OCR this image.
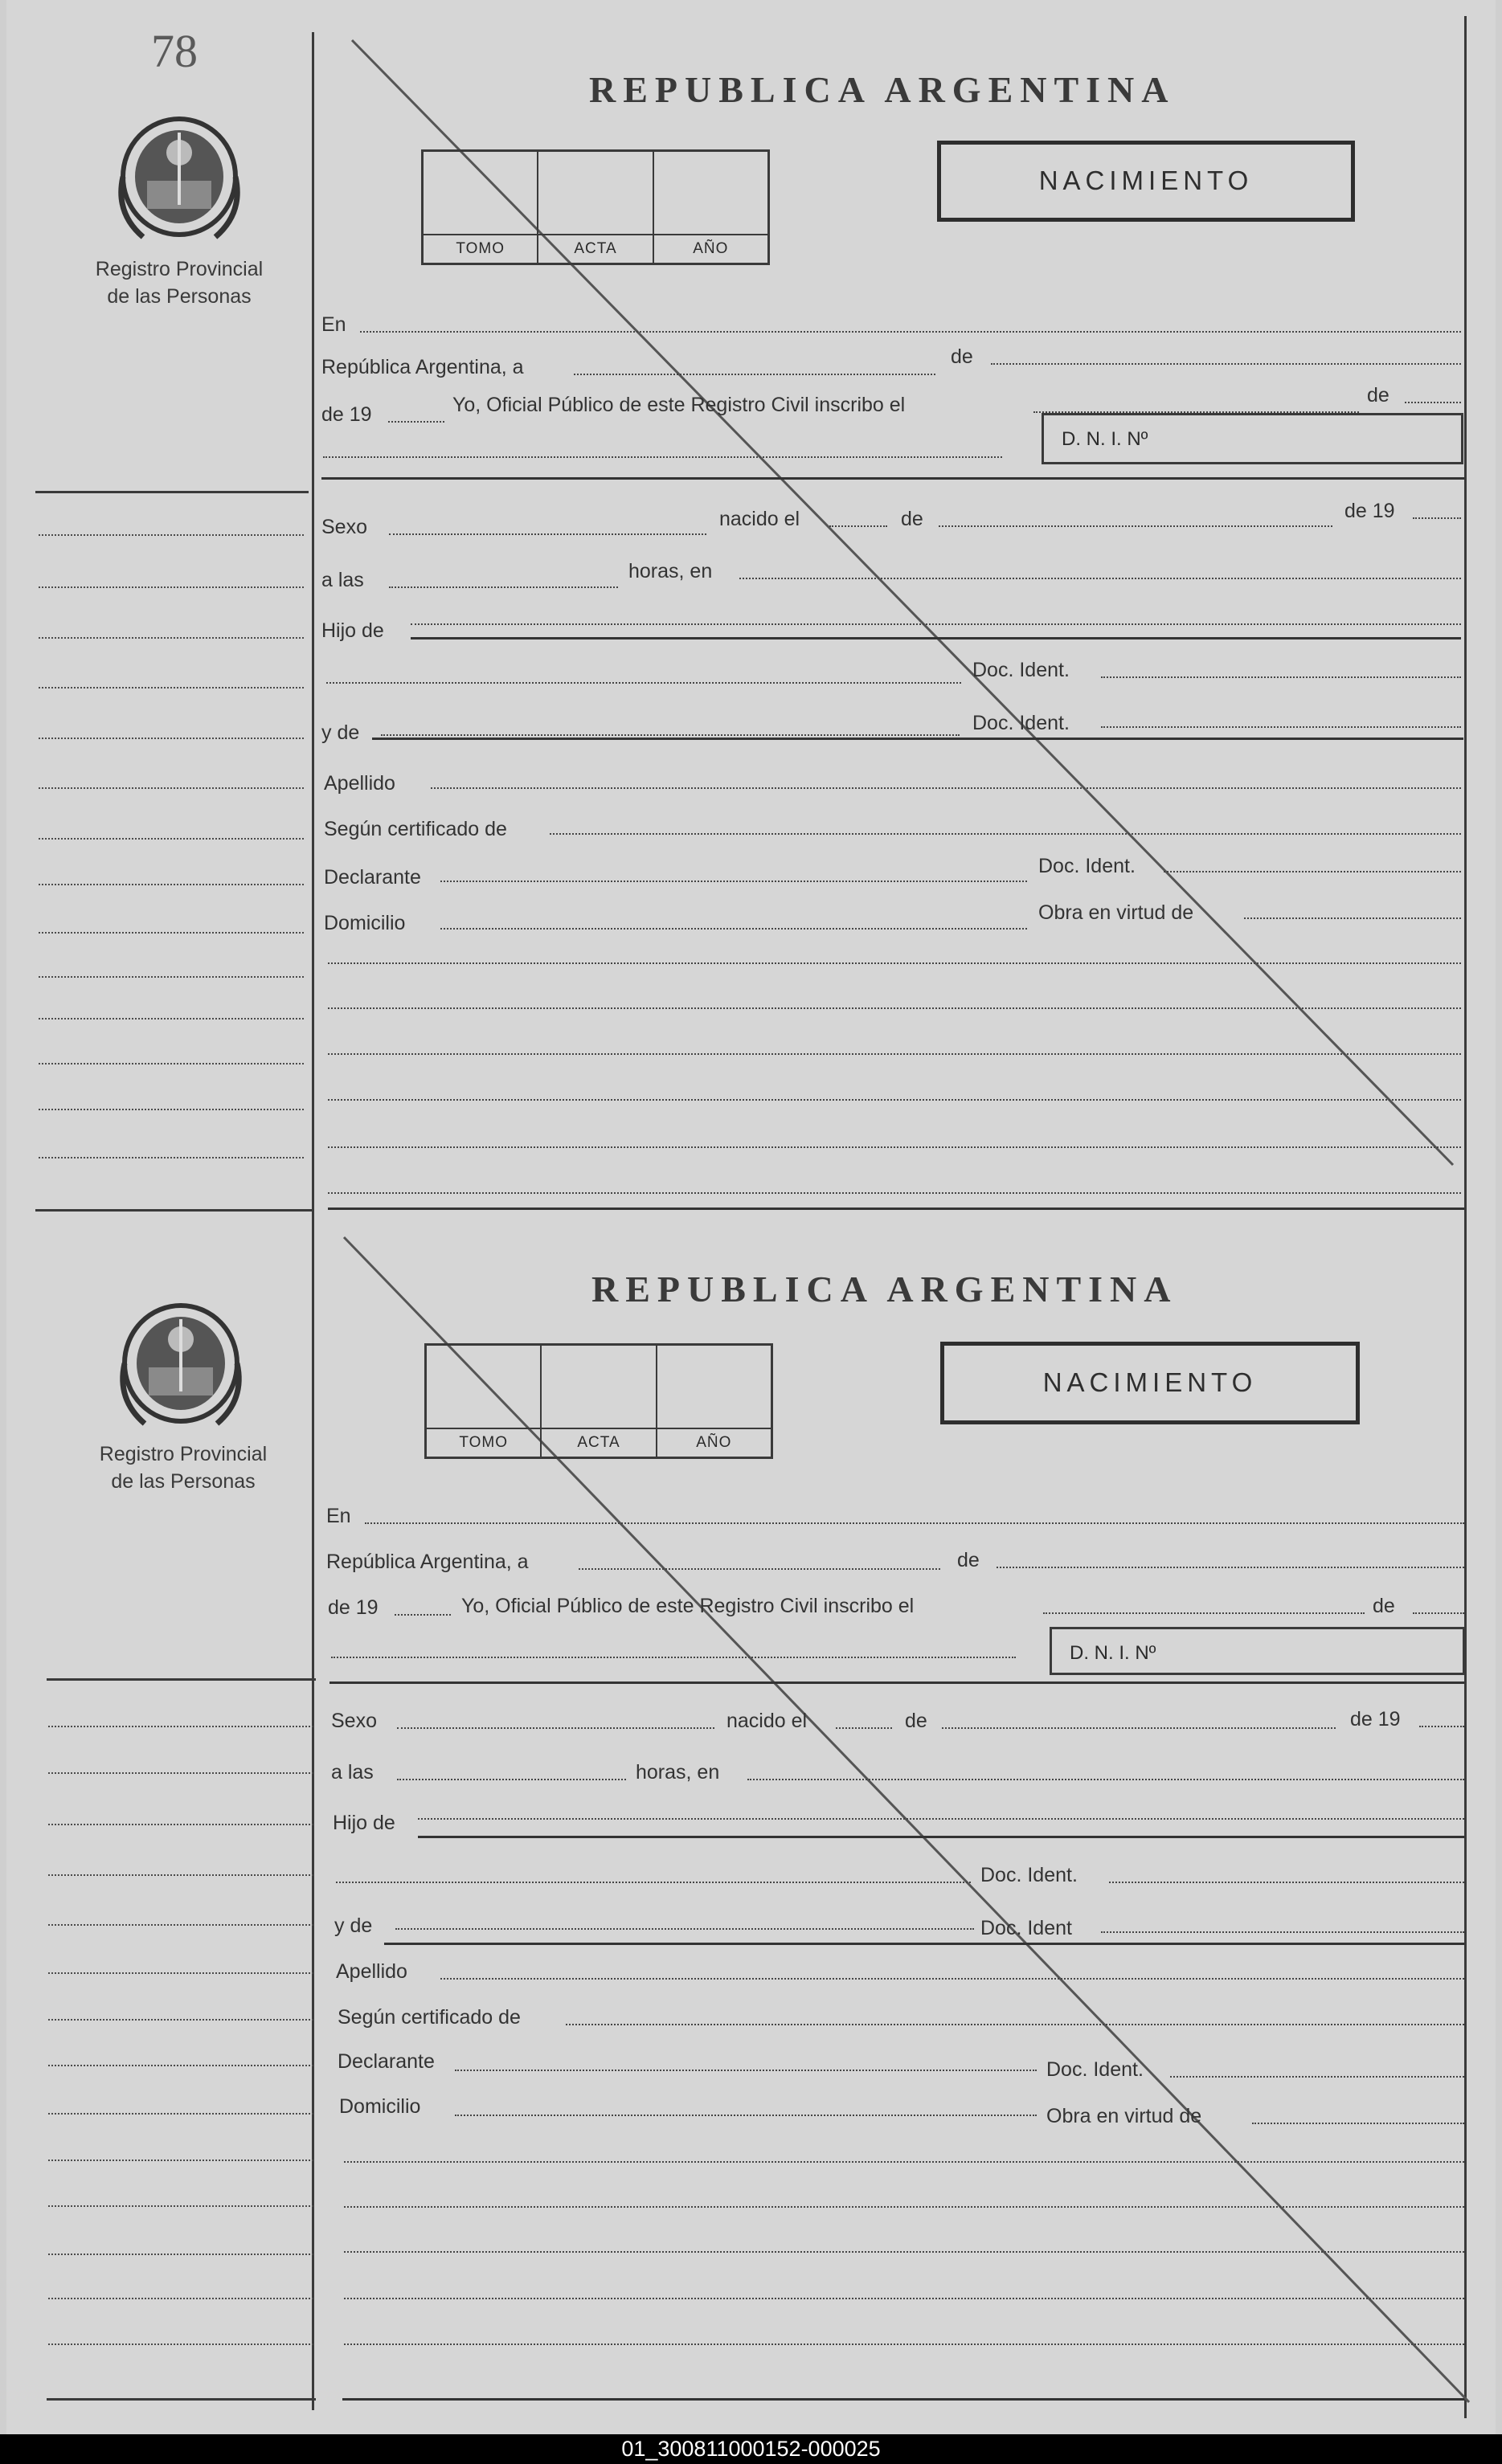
78
Registro Provincial
de las Personas
REPUBLICA ARGENTINA
TOMO	ACTA	AÑO
NACIMIENTO
En
República Argentina, a	de
de 19	Yo, Oficial Público de este Registro Civil inscribo el	de
D. N. I. Nº
Sexo	nacido el	de	de 19
a las	horas, en
Hijo de
Doc. Ident.
y de	Doc. Ident.
Apellido
Según certificado de
Declarante	Doc. Ident.
Domicilio	Obra en virtud de
Registro Provincial
de las Personas
REPUBLICA ARGENTINA
TOMO	ACTA	AÑO
NACIMIENTO
En
República Argentina, a	de
de 19	Yo, Oficial Público de este Registro Civil inscribo el	de
D. N. I. Nº
Sexo	nacido el	de	de 19
a las	horas, en
Hijo de
Doc. Ident.
y de	Doc. Ident
Apellido
Según certificado de
Declarante	Doc. Ident.
Domicilio	Obra en virtud de
01_300811000152-000025
